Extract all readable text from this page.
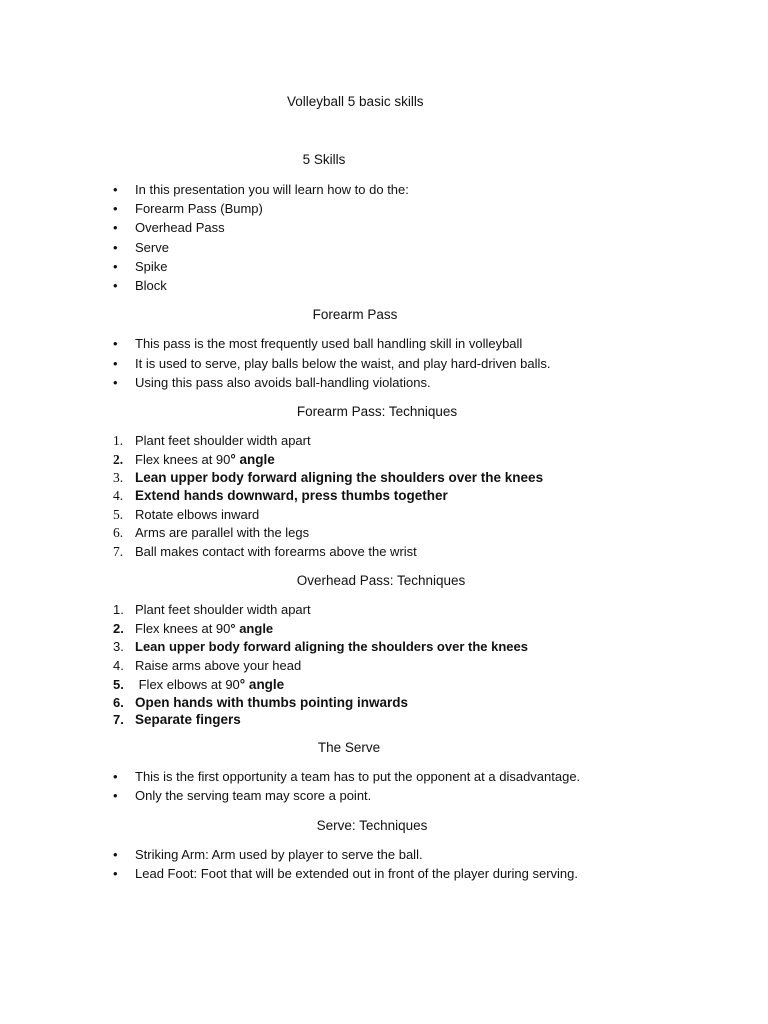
Volleyball 5 basic skills
5 Skills
• In this presentation you will learn how to do the:
• Forearm Pass (Bump)
• Overhead Pass
• Serve
• Spike
• Block
Forearm Pass
• This pass is the most frequently used ball handling skill in volleyball
• It is used to serve, play balls below the waist, and play hard-driven balls.
• Using this pass also avoids ball-handling violations.
Forearm Pass: Techniques
1. Plant feet shoulder width apart
2. Flex knees at 90° angle
3. Lean upper body forward aligning the shoulders over the knees
4. Extend hands downward, press thumbs together
5. Rotate elbows inward
6. Arms are parallel with the legs
7. Ball makes contact with forearms above the wrist
Overhead Pass: Techniques
1. Plant feet shoulder width apart
2. Flex knees at 90° angle
3. Lean upper body forward aligning the shoulders over the knees
4. Raise arms above your head
5. Flex elbows at 90° angle
6. Open hands with thumbs pointing inwards
7. Separate fingers
The Serve
• This is the first opportunity a team has to put the opponent at a disadvantage.
• Only the serving team may score a point.
Serve: Techniques
• Striking Arm: Arm used by player to serve the ball.
• Lead Foot: Foot that will be extended out in front of the player during serving.
